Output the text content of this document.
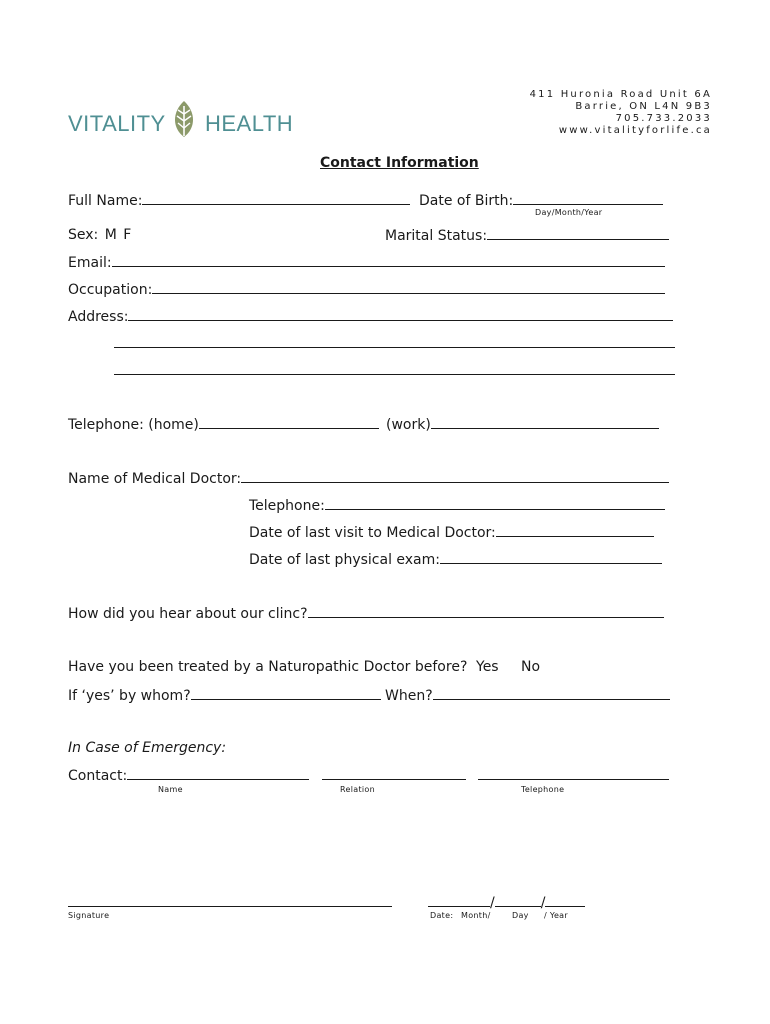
VITALITY HEALTH
411 Huronia Road Unit 6A
Barrie, ON L4N 9B3
705.733.2033
www.vitalityforlife.ca
Contact Information
Full Name:	Date of Birth:
Day/Month/Year
Sex: M F	Marital Status:
Email:
Occupation:
Address:
Telephone: (home)	(work)
Name of Medical Doctor:
Telephone:
Date of last visit to Medical Doctor:
Date of last physical exam:
How did you hear about our clinc?
Have you been treated by a Naturopathic Doctor before? Yes No
If ‘yes’ by whom?	When?
In Case of Emergency:
Contact:
Name	Relation	Telephone
Signature
/	/
Date: Month/	Day / Year
